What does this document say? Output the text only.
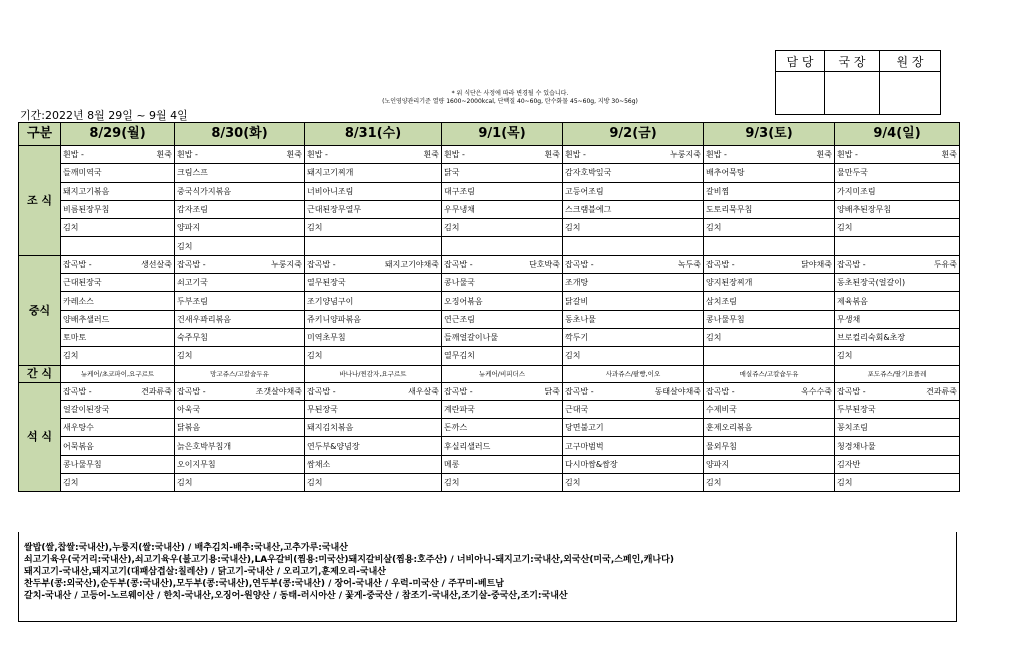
담 당	국 장	원 장

* 위 식단은 사정에 따라 변경될 수 있습니다.
(노인영양관리기준 열량 1600~2000kcal, 단백질 40~60g, 탄수화물 45~60g, 지방 30~56g)
기간:2022년 8월 29일 ~ 9월 4일
구분	8/29(월)	8/30(화)	8/31(수)	9/1(목)	9/2(금)	9/3(토)	9/4(일)
조 식	흰밥 - 흰죽	흰밥 - 흰죽	흰밥 - 흰죽	흰밥 - 흰죽	흰밥 - 누룽지죽	흰밥 - 흰죽	흰밥 - 흰죽

	들깨미역국	크림스프	돼지고기찌개	닭국	감자호박잎국	배추어묵탕	물만두국
	돼지고기볶음	중국식가지볶음	너비아니조림	대구조림	고등어조림	갈비찜	가지미조림
	비름된장무침	감자조림	근대된장무열무	우무냉채	스크램블에그	도토리묵무침	양배추된장무침
	김치	양파지	김치	김치	김치	김치	김치
		김치					
중식	잡곡밥 - 생선살죽	잡곡밥 - 누룽지죽	잡곡밥 - 돼지고기야채죽	잡곡밥 - 단호박죽	잡곡밥 - 녹두죽	잡곡밥 - 닭야채죽	잡곡밥 - 두유죽

	근대된장국	쇠고기국	열무된장국	콩나물국	조개탕	양지된장찌개	동초된장국(얼갈이)
	카레소스	두부조림	조기양념구이	오징어볶음	닭갈비	삼치조림	제육볶음
	양배추샐러드	건새우꽈리볶음	쥬키니양파볶음	연근조림	동초나물	콩나물무침	무생채
	토마토	숙주무침	미역초무침	들깨얼갈이나물	깍두기	김치	브로컬리숙회&초장
	김치	김치	김치	열무김치	김치		김치
간 식	뉴케어/초코파이,요구르트	망고쥬스/고칼슘두유	바나나/찐감자,요구르트	뉴케어/비피더스	사과쥬스/팥빵,이오	매실쥬스/고칼슘두유	포도쥬스/딸기요플레
석 식	잡곡밥 - 견과류죽	잡곡밥 - 조갯살야채죽	잡곡밥 - 새우살죽	잡곡밥 - 닭죽	잡곡밥 - 동태살야채죽	잡곡밥 - 옥수수죽	잡곡밥 - 견과류죽

	얼갈이된장국	아욱국	무된장국	계란파국	근대국	수제비국	두부된장국
	새우탕수	닭볶음	돼지김치볶음	돈까스	당면불고기	훈제오리볶음	꽁치조림
	어묵볶음	늙은호박부침개	연두부&양념장	후실리샐러드	고구마범벅	물외무침	청경채나물
	콩나물무침	오이지무침	쌈채소	메롱	다시마쌈&쌈장	양파지	김자반
	김치	김치	김치	김치	김치	김치	김치
쌀밥(쌀,찹쌀:국내산),누룽지(쌀:국내산) / 배추김치-배추:국내산,고추가루:국내산
쇠고기육우(국거리:국내산),쇠고기육우(불고기용:국내산),LA우갈비(찜용:미국산)돼지갈비살(찜용:호주산) / 너비아니-돼지고기:국내산,외국산(미국,스페인,캐나다)
돼지고기-국내산,돼지고기(대패삼겹살:칠레산) / 닭고기-국내산 / 오리고기,훈제오리-국내산
찬두부(콩:외국산),순두부(콩:국내산),모두부(콩:국내산),연두부(콩:국내산) / 장어-국내산 / 우럭-미국산 / 주꾸미-베트남
갈치-국내산 / 고등어-노르웨이산 / 한치-국내산,오징어-원양산 / 동태-러시아산 / 꽃게-중국산 / 참조기-국내산,조기살-중국산,조기:국내산
